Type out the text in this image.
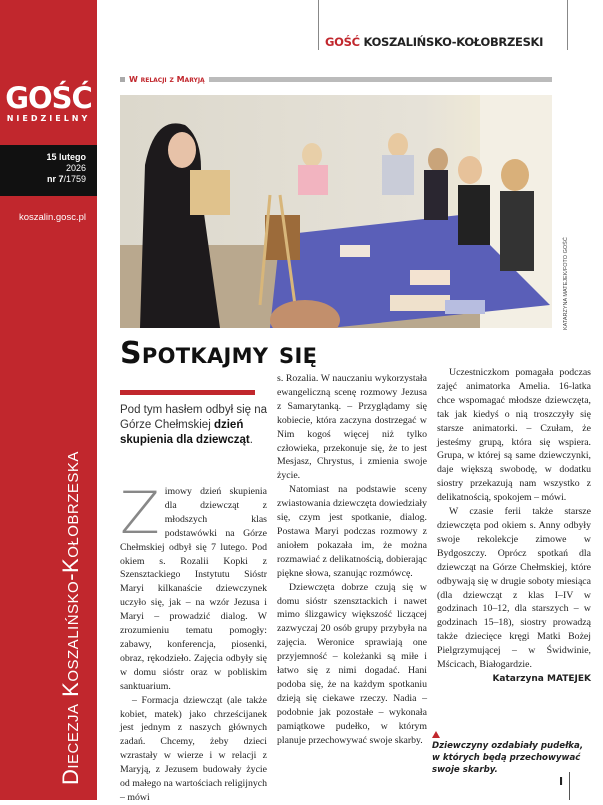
GOŚĆ
NIEDZIELNY
15 lutego
2026
nr 7/1759
koszalin.gosc.pl
Diecezja Koszalińsko-Kołobrzeska
GOŚĆ KOSZALIŃSKO-KOŁOBRZESKI
W relacji z Maryją
KATARZYNA MATEJEK/FOTO GOŚĆ
Spotkajmy się
Pod tym hasłem odbył się na Górze Chełmskiej dzień skupienia dla dziewcząt.
Z imowy dzień skupienia dla dziewcząt z młodszych klas podstawówki na Górze Chełmskiej odbył się 7 lutego. Pod okiem s. Rozalii Kopki z Szensztackiego Instytutu Sióstr Maryi kilkanaście dziewczynek uczyło się, jak – na wzór Jezusa i Maryi – prowadzić dialog. W zrozumieniu tematu pomogły: zabawy, konferencja, piosenki, obraz, rękodzieło. Zajęcia odbyły się w domu sióstr oraz w pobliskim sanktuarium.

– Formacja dziewcząt (ale także kobiet, matek) jako chrześcijanek jest jednym z naszych głównych zadań. Chcemy, żeby dzieci wzrastały w wierze i w relacji z Maryją, z Jezusem budowały życie od małego na wartościach religijnych – mówi

s. Rozalia. W nauczaniu wykorzystała ewangeliczną scenę rozmowy Jezusa z Samarytanką. – Przyglądamy się kobiecie, która zaczyna dostrzegać w Nim kogoś więcej niż tylko człowieka, przekonuje się, że to jest Mesjasz, Chrystus, i zmienia swoje życie.

Natomiast na podstawie sceny zwiastowania dziewczęta dowiedziały się, czym jest spotkanie, dialog. Postawa Maryi podczas rozmowy z aniołem pokazała im, że można rozmawiać z delikatnością, dobierając piękne słowa, szanując rozmówcę.

Dziewczęta dobrze czują się w domu sióstr szensztackich i nawet mimo ślizgawicy większość liczącej zazwyczaj 20 osób grupy przybyła na zajęcia. Weronice sprawiają one przyjemność – koleżanki są miłe i łatwo się z nimi dogadać. Hani podoba się, że na każdym spotkaniu dzieją się ciekawe rzeczy. Nadia – podobnie jak pozostałe – wykonała pamiątkowe pudełko, w którym planuje przechowywać swoje skarby.

Uczestniczkom pomagała podczas zajęć animatorka Amelia. 16-latka chce wspomagać młodsze dziewczęta, tak jak kiedyś o nią troszczyły się starsze animatorki. – Czułam, że jesteśmy grupą, która się wspiera. Grupa, w której są same dziewczynki, daje większą swobodę, w dodatku siostry przekazują nam wszystko z delikatnością, spokojem – mówi.

W czasie ferii także starsze dziewczęta pod okiem s. Anny odbyły swoje rekolekcje zimowe w Bydgoszczy. Oprócz spotkań dla dziewcząt na Górze Chełmskiej, które odbywają się w drugie soboty miesiąca (dla dziewcząt z klas I–IV w godzinach 10–12, dla starszych – w godzinach 15–18), siostry prowadzą także dziecięce kręgi Matki Bożej Pielgrzymującej – w Świdwinie, Mścicach, Białogardzie.

Katarzyna MATEJEK
Dziewczyny ozdabiały pudełka, w których będą przechowywać swoje skarby.
I
